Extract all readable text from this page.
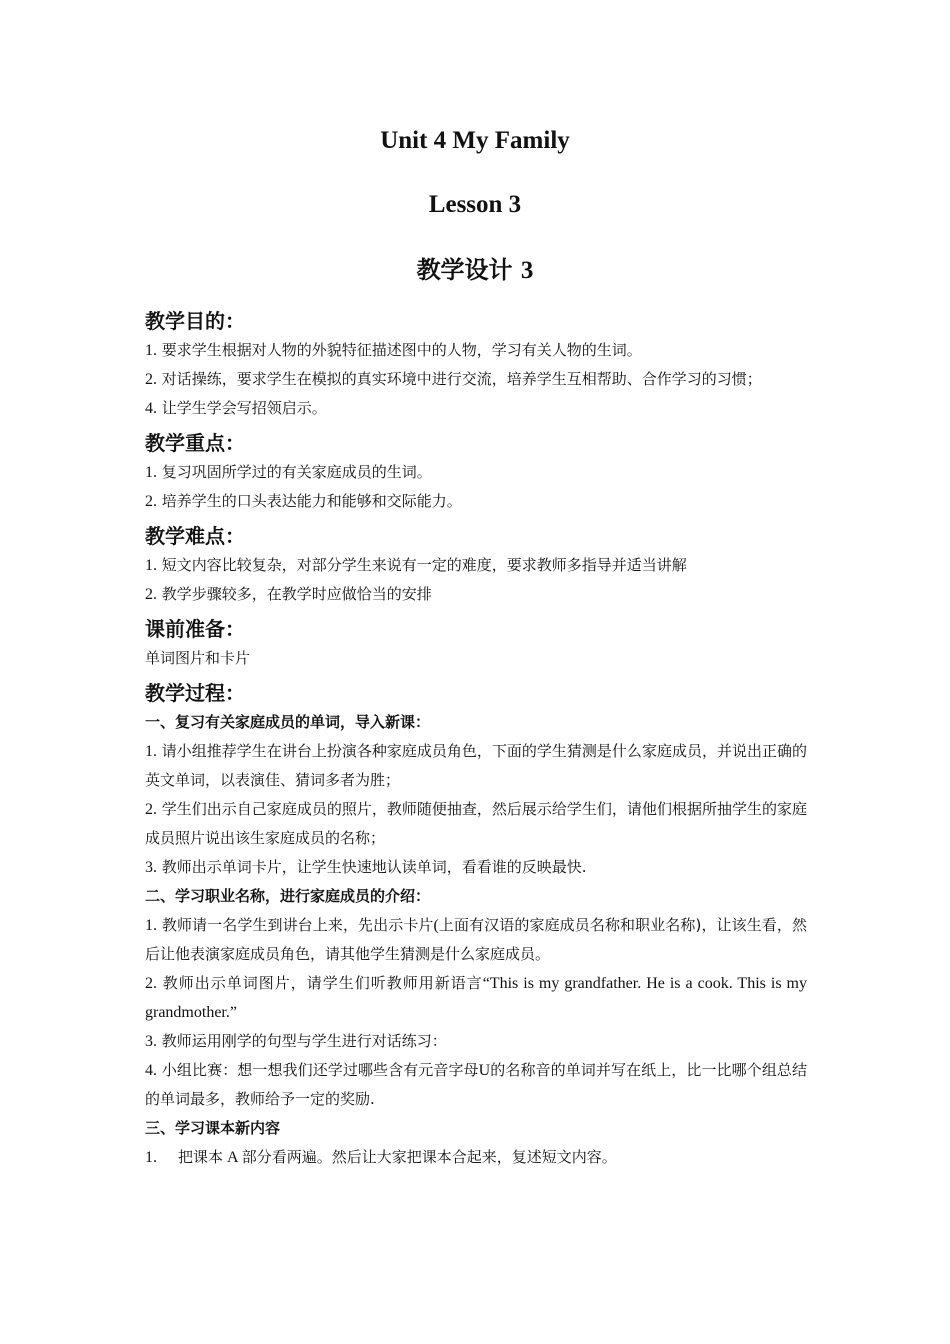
Unit 4 My Family
Lesson 3
教学设计 3

教学目的：

1. 要求学生根据对人物的外貌特征描述图中的人物，学习有关人物的生词。

2. 对话操练，要求学生在模拟的真实环境中进行交流，培养学生互相帮助、合作学习的习惯；

4. 让学生学会写招领启示。

教学重点：

1. 复习巩固所学过的有关家庭成员的生词。

2. 培养学生的口头表达能力和能够和交际能力。

教学难点：

1. 短文内容比较复杂，对部分学生来说有一定的难度，要求教师多指导并适当讲解

2. 教学步骤较多，在教学时应做恰当的安排

课前准备：

单词图片和卡片

教学过程：

一、复习有关家庭成员的单词，导入新课：

1. 请小组推荐学生在讲台上扮演各种家庭成员角色，下面的学生猜测是什么家庭成员，并说出正确的英文单词，以表演佳、猜词多者为胜；

2. 学生们出示自己家庭成员的照片，教师随便抽查，然后展示给学生们，请他们根据所抽学生的家庭成员照片说出该生家庭成员的名称；

3. 教师出示单词卡片，让学生快速地认读单词，看看谁的反映最快.

二、学习职业名称，进行家庭成员的介绍：

1. 教师请一名学生到讲台上来，先出示卡片(上面有汉语的家庭成员名称和职业名称)，让该生看，然后让他表演家庭成员角色，请其他学生猜测是什么家庭成员。

2. 教师出示单词图片，请学生们听教师用新语言“This is my grandfather. He is a cook. This is my grandmother.”

3. 教师运用刚学的句型与学生进行对话练习：

4. 小组比赛：想一想我们还学过哪些含有元音字母U的名称音的单词并写在纸上，比一比哪个组总结的单词最多，教师给予一定的奖励.

三、学习课本新内容

1. 把课本 A 部分看两遍。然后让大家把课本合起来，复述短文内容。
